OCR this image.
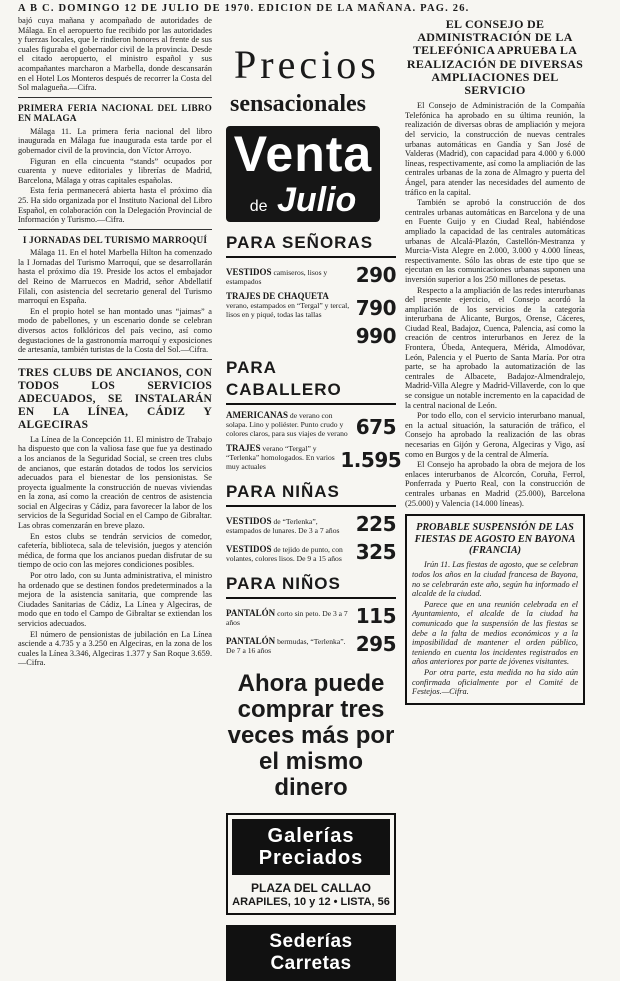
A B C. DOMINGO 12 DE JULIO DE 1970. EDICION DE LA MAÑANA. PAG. 26.

bajó cuya mañana y acompañado de autoridades de Málaga. En el aeropuerto fue recibido por las autoridades y fuerzas locales, que le rindieron honores al frente de sus cuales figuraba el gobernador civil de la provincia. Desde el citado aeropuerto, el ministro español y sus acompañantes marcharon a Marbella, donde descansarán en el Hotel Los Monteros después de recorrer la Costa del Sol malagueña.—Cifra.

PRIMERA FERIA NACIONAL DEL LIBRO EN MALAGA

Málaga 11. La primera feria nacional del libro inaugurada en Málaga fue inaugurada esta tarde por el gobernador civil de la provincia, don Víctor Arroyo.

Figuran en ella cincuenta “stands” ocupados por cuarenta y nueve editoriales y librerías de Madrid, Barcelona, Málaga y otras capitales españolas.

Esta feria permanecerá abierta hasta el próximo día 25. Ha sido organizada por el Instituto Nacional del Libro Español, en colaboración con la Delegación Provincial de Información y Turismo.—Cifra.

I JORNADAS DEL TURISMO MARROQUÍ

Málaga 11. En el hotel Marbella Hilton ha comenzado la I Jornadas del Turismo Marroquí, que se desarrollarán hasta el próximo día 19. Preside los actos el embajador del Reino de Marruecos en Madrid, señor Abdellatif Filali, con asistencia del secretario general del Turismo marroquí en España.

En el propio hotel se han montado unas “jaimas” a modo de pabellones, y un escenario donde se celebran diversos actos folklóricos del país vecino, así como degustaciones de la gastronomía marroquí y exposiciones de artesanía, también turistas de la Costa del Sol.—Cifra.

TRES CLUBS DE ANCIANOS, CON TODOS LOS SERVICIOS ADECUADOS, SE INSTALARÁN EN LA LÍNEA, CÁDIZ Y ALGECIRAS

La Línea de la Concepción 11. El ministro de Trabajo ha dispuesto que con la valiosa fase que fue ya destinado a los ancianos de la Seguridad Social, se creen tres clubs de ancianos, que estarán dotados de todos los servicios adecuados para el bienestar de los pensionistas. Se proyecta igualmente la construcción de nuevas viviendas en la zona, así como la creación de centros de asistencia social en Algeciras y Cádiz, para favorecer la labor de los servicios de la Seguridad Social en el Campo de Gibraltar. Las obras comenzarán en breve plazo.

En estos clubs se tendrán servicios de comedor, cafetería, biblioteca, sala de televisión, juegos y atención médica, de forma que los ancianos puedan disfrutar de su tiempo de ocio con las mejores condiciones posibles.

Por otro lado, con su Junta administrativa, el ministro ha ordenado que se destinen fondos predeterminados a la mejora de la asistencia sanitaria, que comprende las Ciudades Sanitarias de Cádiz, La Línea y Algeciras, de modo que en todo el Campo de Gibraltar se extiendan los servicios adecuados.

El número de pensionistas de jubilación en La Línea asciende a 4.735 y a 3.250 en Algeciras, en la zona de los cuales la Línea 3.346, Algeciras 1.377 y San Roque 3.659.—Cifra.

Precios
sensacionales
Venta
de Julio
PARA SEÑORAS
VESTIDOS camiseros, lisos y estampados	290
TRAJES DE CHAQUETA verano, estampados en “Tergal” y tercal, lisos en y piqué, todas las tallas	790
990
PARA CABALLERO
AMERICANAS de verano con solapa. Lino y poliéster. Punto crudo y colores claros, para sus viajes de verano 675
TRAJES verano “Tergal” y “Terlenka” homologados. En varios muy actuales	1.595
PARA NIÑAS
VESTIDOS de “Terlenka”, estampados de lunares. De 3 a 7 años 225
VESTIDOS de tejido de punto, con volantes, colores lisos. De 9 a 15 años 325
PARA NIÑOS
PANTALÓN corto sin peto. De 3 a 7 años	115
PANTALÓN bermudas, “Terlenka”. De 7 a 16 años	295
Ahora puede comprar tres veces más por el mismo dinero
Galerías Preciados
PLAZA DEL CALLAO
ARAPILES, 10 y 12 • LISTA, 56
Sederías Carretas
EL CONSEJO DE ADMINISTRACIÓN DE LA TELEFÓNICA APRUEBA LA REALIZACIÓN DE DIVERSAS AMPLIACIONES DEL SERVICIO

El Consejo de Administración de la Compañía Telefónica ha aprobado en su última reunión, la realización de diversas obras de ampliación y mejora del servicio, la construcción de nuevas centrales urbanas automáticas en Gandía y San José de Valderas (Madrid), con capacidad para 4.000 y 6.000 líneas, respectivamente, así como la ampliación de las centrales urbanas de la zona de Almagro y puerta del Ángel, para atender las necesidades del aumento de tráfico en la capital.

También se aprobó la construcción de dos centrales urbanas automáticas en Barcelona y de una en Fuente Guijo y en Ciudad Real, habiéndose ampliado la capacidad de las centrales automáticas urbanas de Alcalá-Plazón, Castellón-Mestranza y Murcia-Vista Alegre en 2.000, 3.000 y 4.000 líneas, respectivamente. Sólo las obras de este tipo que se ejecutan en las comunicaciones urbanas suponen una inversión superior a los 250 millones de pesetas.

Respecto a la ampliación de las redes interurbanas del presente ejercicio, el Consejo acordó la ampliación de los servicios de la categoría interurbana de Alicante, Burgos, Orense, Cáceres, Ciudad Real, Badajoz, Cuenca, Palencia, así como la creación de centros interurbanos en Jerez de la Frontera, Úbeda, Antequera, Mérida, Almodóvar, León, Palencia y el Puerto de Santa María. Por otra parte, se ha aprobado la automatización de las centrales de Albacete, Badajoz-Almendralejo, Madrid-Villa Alegre y Madrid-Villaverde, con lo que se consigue un notable incremento en la capacidad de la central nacional de León.

Por todo ello, con el servicio interurbano manual, en la actual situación, la saturación de tráfico, el Consejo ha aprobado la realización de las obras necesarias en Gijón y Gerona, Algeciras y Vigo, así como en Burgos y de la central de Almería.

El Consejo ha aprobado la obra de mejora de los enlaces interurbanos de Alcorcón, Coruña, Ferrol, Ponferrada y Puerto Real, con la construcción de centrales urbanas en Madrid (25.000), Barcelona (25.000) y Valencia (14.000 líneas).

PROBABLE SUSPENSIÓN DE LAS FIESTAS DE AGOSTO EN BAYONA (FRANCIA)

Irún 11. Las fiestas de agosto, que se celebran todos los años en la ciudad francesa de Bayona, no se celebrarán este año, según ha informado el alcalde de la ciudad.

Parece que en una reunión celebrada en el Ayuntamiento, el alcalde de la ciudad ha comunicado que la suspensión de las fiestas se debe a la falta de medios económicos y a la imposibilidad de mantener el orden público, teniendo en cuenta los incidentes registrados en años anteriores por parte de jóvenes visitantes.

Por otra parte, esta medida no ha sido aún confirmada oficialmente por el Comité de Festejos.—Cifra.
